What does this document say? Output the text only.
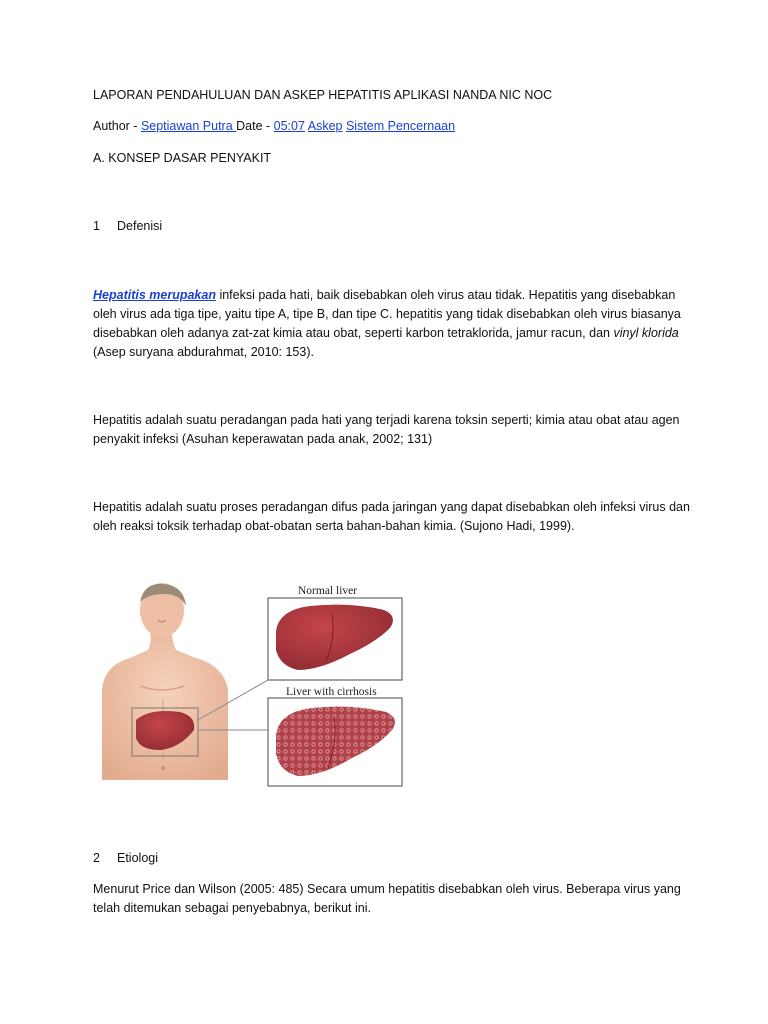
LAPORAN PENDAHULUAN DAN ASKEP HEPATITIS APLIKASI NANDA NIC NOC
Author - Septiawan Putra Date - 05:07 Askep Sistem Pencernaan
A. KONSEP DASAR PENYAKIT
1 Defenisi
Hepatitis merupakan infeksi pada hati, baik disebabkan oleh virus atau tidak. Hepatitis yang disebabkan oleh virus ada tiga tipe, yaitu tipe A, tipe B, dan tipe C. hepatitis yang tidak disebabkan oleh virus biasanya disebabkan oleh adanya zat-zat kimia atau obat, seperti karbon tetraklorida, jamur racun, dan vinyl klorida (Asep suryana abdurahmat, 2010: 153).
Hepatitis adalah suatu peradangan pada hati yang terjadi karena toksin seperti; kimia atau obat atau agen penyakit infeksi (Asuhan keperawatan pada anak, 2002; 131)
Hepatitis adalah suatu proses peradangan difus pada jaringan yang dapat disebabkan oleh infeksi virus dan oleh reaksi toksik terhadap obat-obatan serta bahan-bahan kimia. (Sujono Hadi, 1999).
Normal liver
Liver with cirrhosis
2 Etiologi
Menurut Price dan Wilson (2005: 485) Secara umum hepatitis disebabkan oleh virus. Beberapa virus yang telah ditemukan sebagai penyebabnya, berikut ini.
